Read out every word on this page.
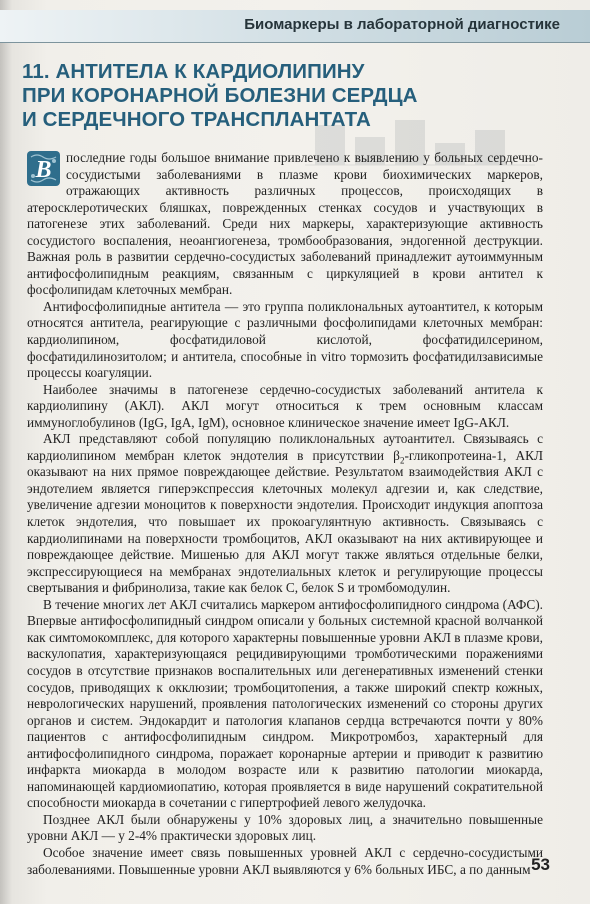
Биомаркеры в лабораторной диагностике
11. АНТИТЕЛА К КАРДИОЛИПИНУ
ПРИ КОРОНАРНОЙ БОЛЕЗНИ СЕРДЦА
И СЕРДЕЧНОГО ТРАНСПЛАНТАТА

В последние годы большое внимание привлечено к выявлению у больных сердечно-сосудистыми заболеваниями в плазме крови биохимических маркеров, отражающих активность различных процессов, происходящих в атеросклеротических бляшках, поврежденных стенках сосудов и участвующих в патогенезе этих заболеваний. Среди них маркеры, характеризующие активность сосудистого воспаления, неоангиогенеза, тромбообразования, эндогенной деструкции. Важная роль в развитии сердечно-сосудистых заболеваний принадлежит аутоиммунным антифосфолипидным реакциям, связанным с циркуляцией в крови антител к фосфолипидам клеточных мембран.

Антифосфолипидные антитела — это группа поликлональных аутоантител, к которым относятся антитела, реагирующие с различными фосфолипидами клеточных мембран: кардиолипином, фосфатидиловой кислотой, фосфатидилсерином, фосфатидилинозитолом; и антитела, способные in vitro тормозить фосфатидилзависимые процессы коагуляции.

Наиболее значимы в патогенезе сердечно-сосудистых заболеваний антитела к кардиолипину (АКЛ). АКЛ могут относиться к трем основным классам иммуноглобулинов (IgG, IgA, IgM), основное клиническое значение имеет IgG-АКЛ.

АКЛ представляют собой популяцию поликлональных аутоантител. Связываясь с кардиолипином мембран клеток эндотелия в присутствии $\beta_2-гликопротеина-1$, АКЛ оказывают на них прямое повреждающее действие. Результатом взаимодействия АКЛ с эндотелием является гиперэкспрессия клеточных молекул адгезии и, как следствие, увеличение адгезии моноцитов к поверхности эндотелия. Происходит индукция апоптоза клеток эндотелия, что повышает их прокоагулянтную активность. Связываясь с кардиолипинами на поверхности тромбоцитов, АКЛ оказывают на них активирующее и повреждающее действие. Мишенью для АКЛ могут также являться отдельные белки, экспрессирующиеся на мембранах эндотелиальных клеток и регулирующие процессы свертывания и фибринолиза, такие как белок С, белок S и тромбомодулин.

В течение многих лет АКЛ считались маркером антифосфолипидного синдрома (АФС). Впервые антифосфолипидный синдром описали у больных системной красной волчанкой как симтомокомплекс, для которого характерны повышенные уровни АКЛ в плазме крови, васкулопатия, характеризующаяся рецидивирующими тромботическими поражениями сосудов в отсутствие признаков воспалительных или дегенеративных изменений стенки сосудов, приводящих к окклюзии; тромбоцитопения, а также широкий спектр кожных, неврологических нарушений, проявления патологических изменений со стороны других органов и систем. Эндокардит и патология клапанов сердца встречаются почти у 80% пациентов с антифосфолипидным синдром. Микротромбоз, характерный для антифосфолипидного синдрома, поражает коронарные артерии и приводит к развитию инфаркта миокарда в молодом возрасте или к развитию патологии миокарда, напоминающей кардиомиопатию, которая проявляется в виде нарушений сократительной способности миокарда в сочетании с гипертрофией левого желудочка.

Позднее АКЛ были обнаружены у 10% здоровых лиц, а значительно повышенные уровни АКЛ — у 2-4% практически здоровых лиц.

Особое значение имеет связь повышенных уровней АКЛ с сердечно-сосудистыми заболеваниями. Повышенные уровни АКЛ выявляются у 6% больных ИБС, а по данным 53
